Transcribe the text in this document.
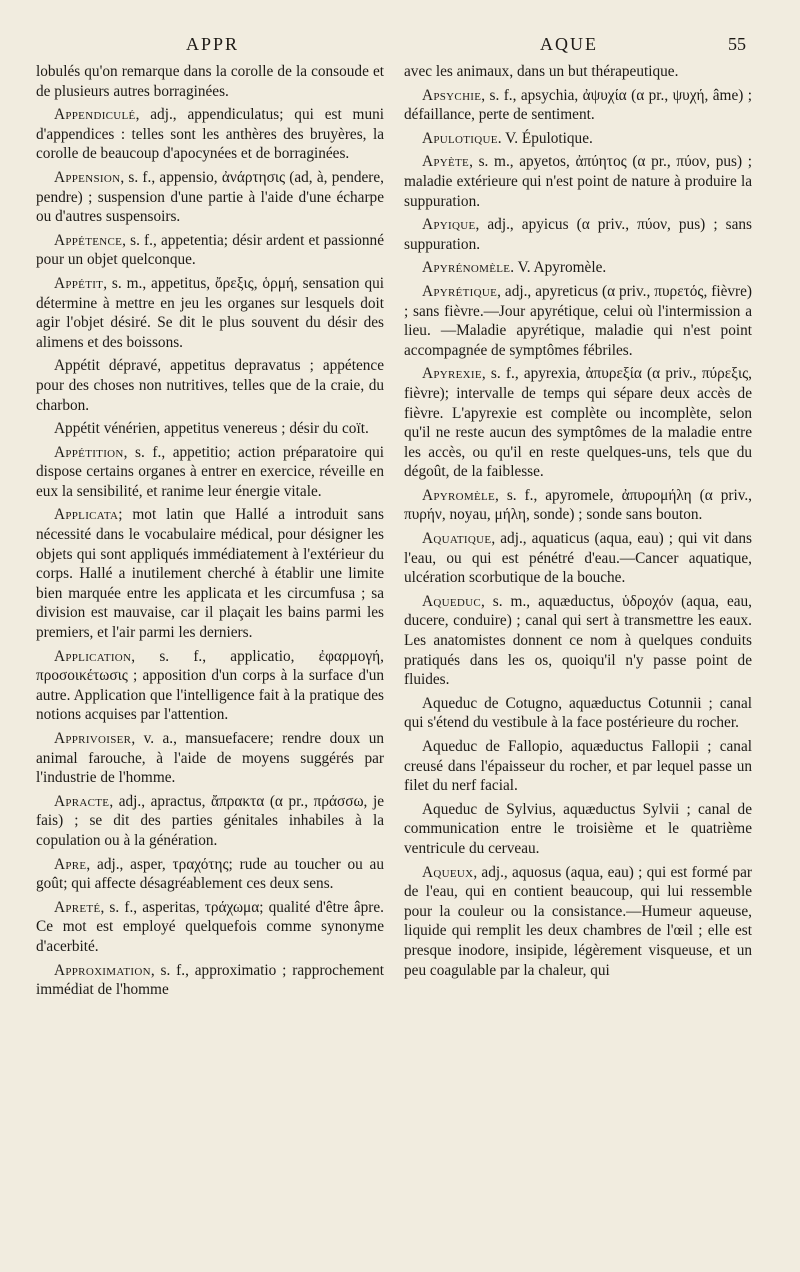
APPR	AQUE	55

lobulés qu'on remarque dans la corolle de la consoude et de plusieurs autres borraginées.

Appendiculé, adj., appendiculatus; qui est muni d'appendices : telles sont les anthères des bruyères, la corolle de beaucoup d'apocynées et de borraginées.

Appension, s. f., appensio, ἀνάρτησις (ad, à, pendere, pendre) ; suspension d'une partie à l'aide d'une écharpe ou d'autres suspensoirs.

Appétence, s. f., appetentia; désir ardent et passionné pour un objet quelconque.

Appétit, s. m., appetitus, ὄρεξις, ὁρμή, sensation qui détermine à mettre en jeu les organes sur lesquels doit agir l'objet désiré. Se dit le plus souvent du désir des alimens et des boissons.

Appétit dépravé, appetitus depravatus ; appétence pour des choses non nutritives, telles que de la craie, du charbon.

Appétit vénérien, appetitus venereus ; désir du coït.

Appétition, s. f., appetitio; action préparatoire qui dispose certains organes à entrer en exercice, réveille en eux la sensibilité, et ranime leur énergie vitale.

Applicata; mot latin que Hallé a introduit sans nécessité dans le vocabulaire médical, pour désigner les objets qui sont appliqués immédiatement à l'extérieur du corps. Hallé a inutilement cherché à établir une limite bien marquée entre les applicata et les circumfusa ; sa division est mauvaise, car il plaçait les bains parmi les premiers, et l'air parmi les derniers.

Application, s. f., applicatio, ἐφαρμογή, προσοικέτωσις ; apposition d'un corps à la surface d'un autre. Application que l'intelligence fait à la pratique des notions acquises par l'attention.

Apprivoiser, v. a., mansuefacere; rendre doux un animal farouche, à l'aide de moyens suggérés par l'industrie de l'homme.

Apracte, adj., apractus, ἄπρακτα (α pr., πράσσω, je fais) ; se dit des parties génitales inhabiles à la copulation ou à la génération.

Apre, adj., asper, τραχότης; rude au toucher ou au goût; qui affecte désagréablement ces deux sens.

Apreté, s. f., asperitas, τράχωμα; qualité d'être âpre. Ce mot est employé quelquefois comme synonyme d'acerbité.

Approximation, s. f., approximatio ; rapprochement immédiat de l'homme

avec les animaux, dans un but thérapeutique.

Apsychie, s. f., apsychia, ἀψυχία (α pr., ψυχή, âme) ; défaillance, perte de sentiment.

Apulotique. V. Épulotique.

Apyète, s. m., apyetos, ἀπύητος (α pr., πύον, pus) ; maladie extérieure qui n'est point de nature à produire la suppuration.

Apyique, adj., apyicus (α priv., πύον, pus) ; sans suppuration.

Apyrénomèle. V. Apyromèle.

Apyrétique, adj., apyreticus (α priv., πυρετός, fièvre) ; sans fièvre.—Jour apyrétique, celui où l'intermission a lieu. —Maladie apyrétique, maladie qui n'est point accompagnée de symptômes fébriles.

Apyrexie, s. f., apyrexia, ἀπυρεξία (α priv., πύρεξις, fièvre); intervalle de temps qui sépare deux accès de fièvre. L'apyrexie est complète ou incomplète, selon qu'il ne reste aucun des symptômes de la maladie entre les accès, ou qu'il en reste quelques-uns, tels que du dégoût, de la faiblesse.

Apyromèle, s. f., apyromele, ἀπυρομήλη (α priv., πυρήν, noyau, μήλη, sonde) ; sonde sans bouton.

Aquatique, adj., aquaticus (aqua, eau) ; qui vit dans l'eau, ou qui est pénétré d'eau.—Cancer aquatique, ulcération scorbutique de la bouche.

Aqueduc, s. m., aquæductus, ὑδροχόν (aqua, eau, ducere, conduire) ; canal qui sert à transmettre les eaux. Les anatomistes donnent ce nom à quelques conduits pratiqués dans les os, quoiqu'il n'y passe point de fluides.

Aqueduc de Cotugno, aquæductus Cotunnii ; canal qui s'étend du vestibule à la face postérieure du rocher.

Aqueduc de Fallopio, aquæductus Fallopii ; canal creusé dans l'épaisseur du rocher, et par lequel passe un filet du nerf facial.

Aqueduc de Sylvius, aquæductus Sylvii ; canal de communication entre le troisième et le quatrième ventricule du cerveau.

Aqueux, adj., aquosus (aqua, eau) ; qui est formé par de l'eau, qui en contient beaucoup, qui lui ressemble pour la couleur ou la consistance.—Humeur aqueuse, liquide qui remplit les deux chambres de l'œil ; elle est presque inodore, insipide, légèrement visqueuse, et un peu coagulable par la chaleur, qui
